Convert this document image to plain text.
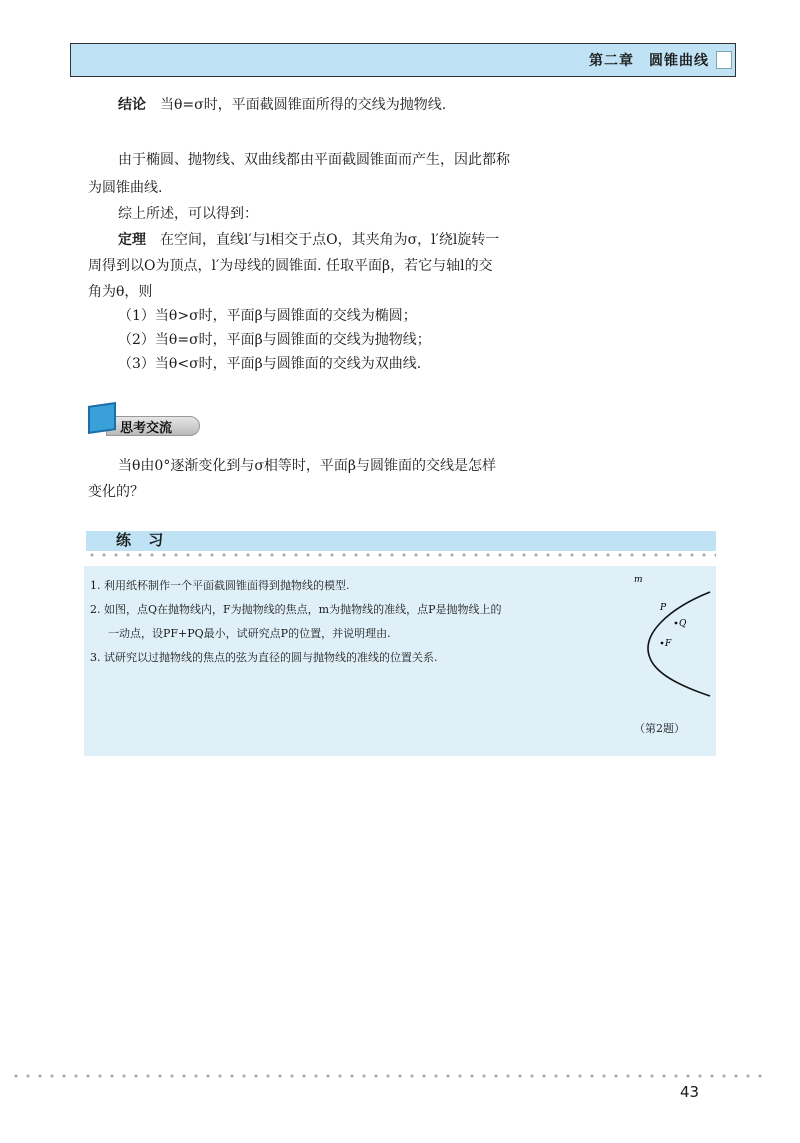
第二章　圆锥曲线
结论　 当θ=σ时，平面截圆锥面所得的交线为抛物线.
由于椭圆、抛物线、双曲线都由平面截圆锥面而产生，因此都称
为圆锥曲线.
综上所述，可以得到：
定理　 在空间，直线l′与l相交于点O，其夹角为σ，l′绕l旋转一
周得到以O为顶点，l′为母线的圆锥面. 任取平面β，若它与轴l的交
角为θ，则
（1）当θ>σ时，平面β与圆锥面的交线为椭圆；
（2）当θ=σ时，平面β与圆锥面的交线为抛物线；
（3）当θ<σ时，平面β与圆锥面的交线为双曲线.
思考交流
当θ由0°逐渐变化到与σ相等时，平面β与圆锥面的交线是怎样
变化的？
练 习
1. 利用纸杯制作一个平面截圆锥面得到抛物线的模型.
2. 如图，点Q在抛物线内，F为抛物线的焦点，m为抛物线的准线，点P是抛物线上的
一动点，设PF+PQ最小，试研究点P的位置，并说明理由.
3. 试研究以过抛物线的焦点的弦为直径的圆与抛物线的准线的位置关系.
m
P
Q
F
（第2题）
43
